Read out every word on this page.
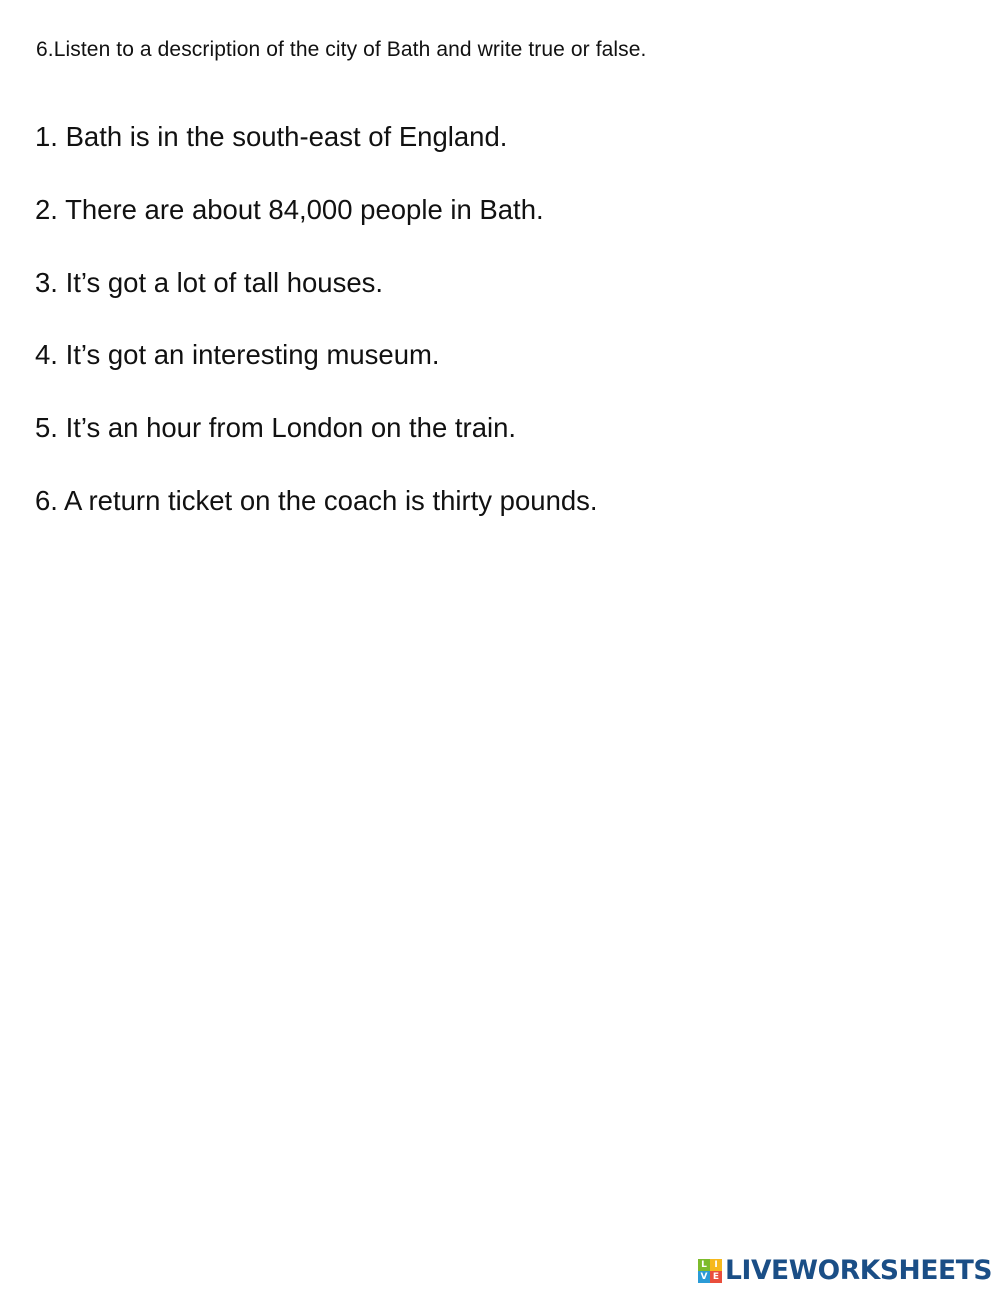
6.Listen to a description of the city of Bath and write true or false.
1. Bath is in the south-east of England.
2. There are about 84,000 people in Bath.
3. It’s got a lot of tall houses.
4. It’s got an interesting museum.
5. It’s an hour from London on the train.
6. A return ticket on the coach is thirty pounds.
L I
V E LIVEWORKSHEETS
